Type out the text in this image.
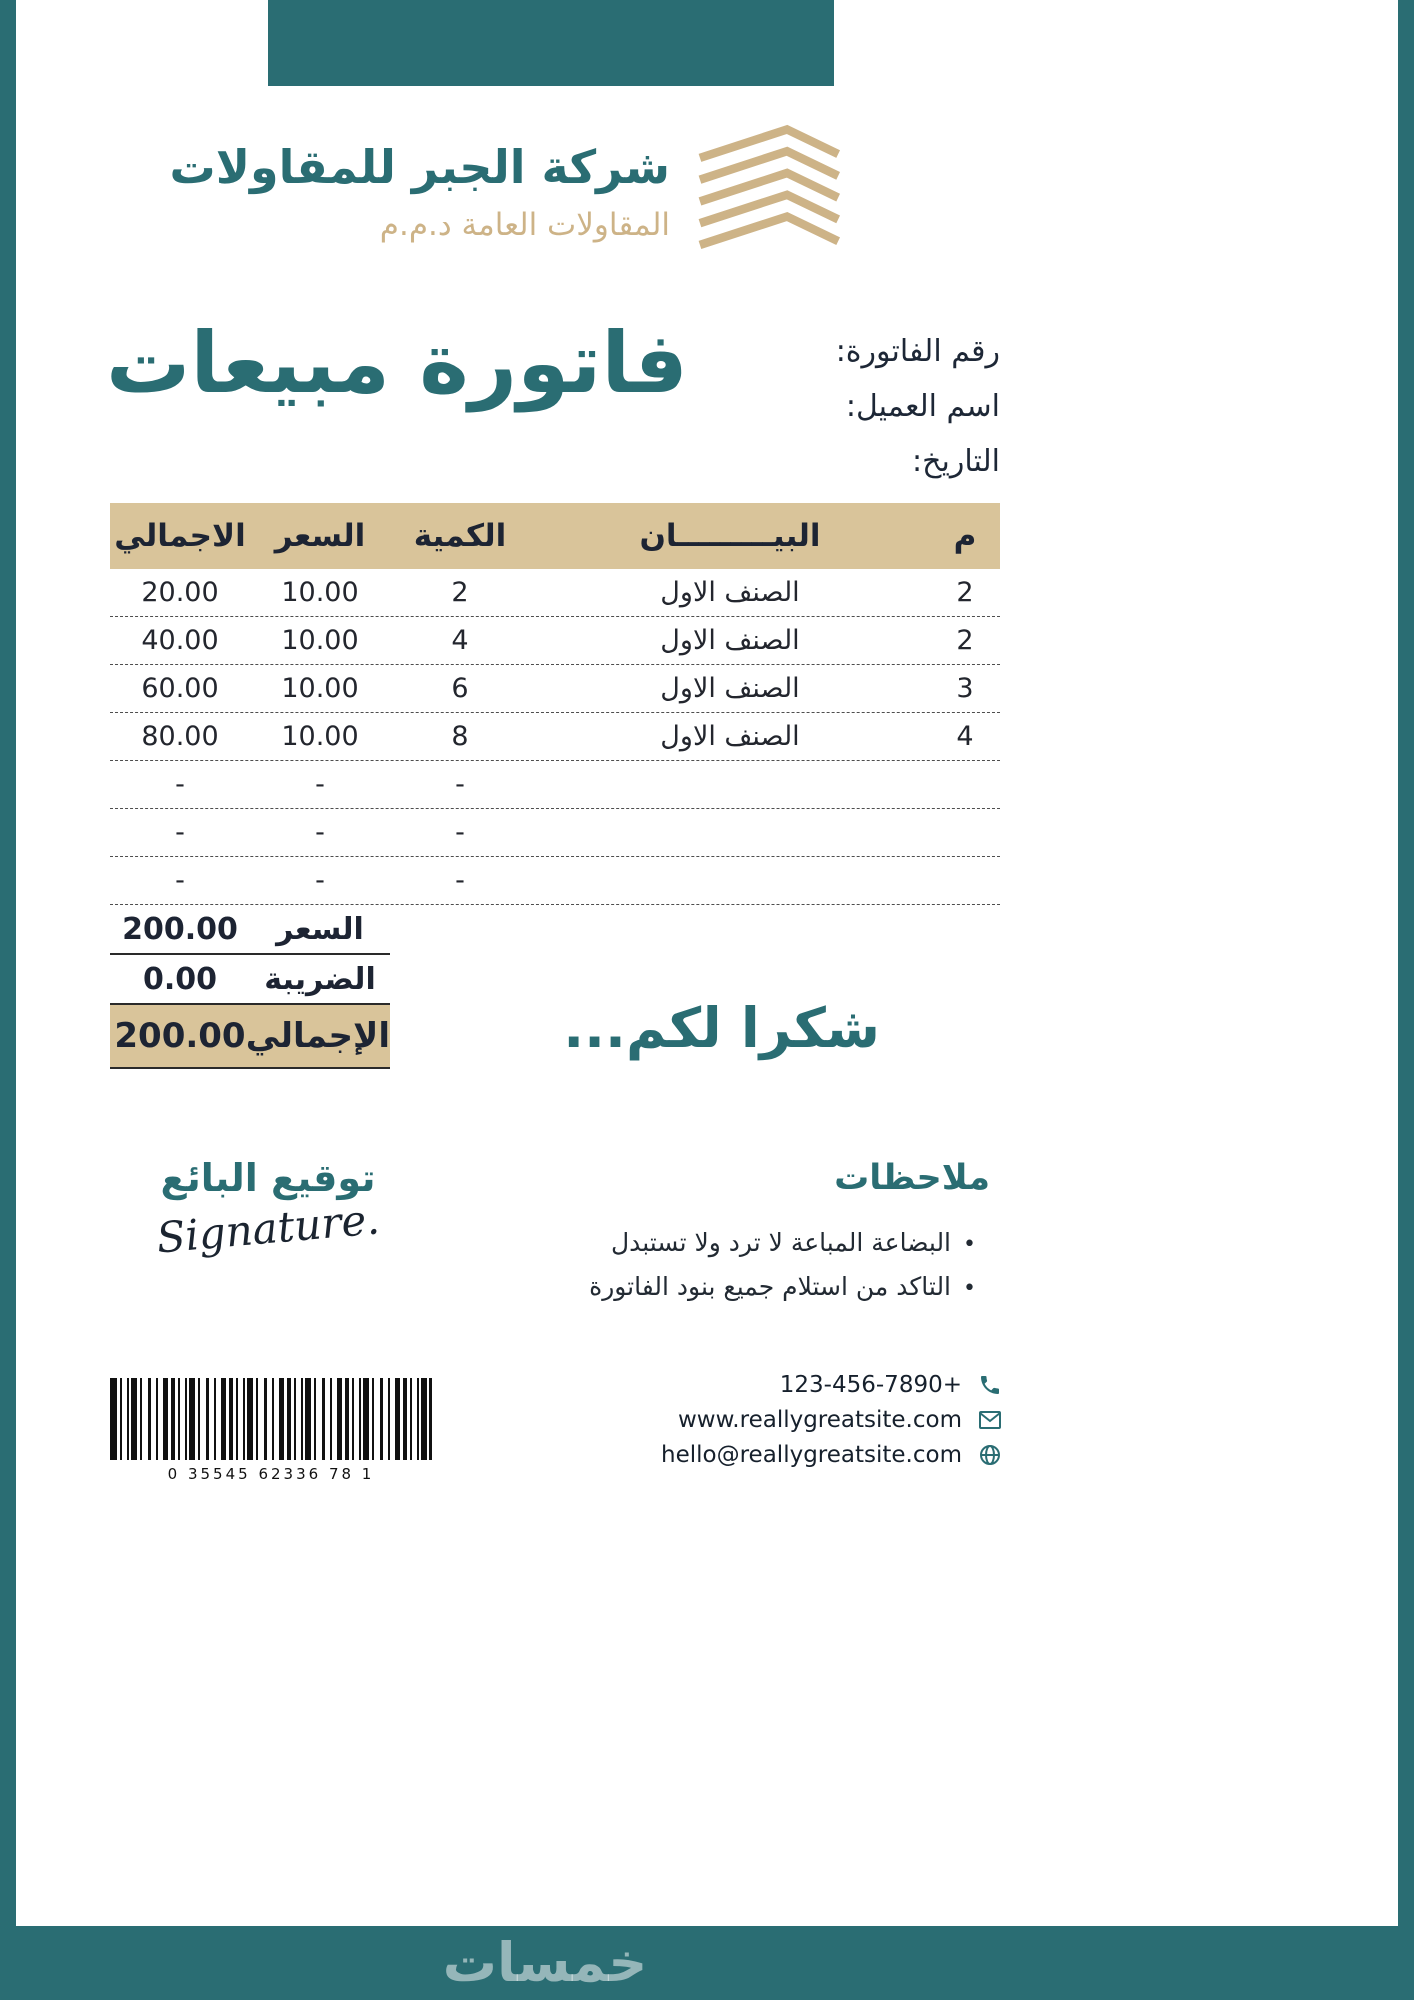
شركة الجبر للمقاولات
المقاولات العامة د.م.م
رقم الفاتورة:
اسم العميل:
التاريخ:
فاتورة مبيعات
م
البيـــــــــان
الكمية
السعر
الاجمالي
2
الصنف الاول
2
10.00
20.00
2
الصنف الاول
4
10.00
40.00
3
الصنف الاول
6
10.00
60.00
4
الصنف الاول
8
10.00
80.00
-
-
-
-
-
-
-
-
-
السعر
200.00
الضريبة
0.00
الإجمالي
200.00	شكرا لكم...
توقيع البائع
Signature.
ملاحظات
•
البضاعة المباعة لا ترد ولا تستبدل
•
التاكد من استلام جميع بنود الفاتورة
0 35545 62336 78 1
+123-456-7890
www.reallygreatsite.com
hello@reallygreatsite.com
خمسات
